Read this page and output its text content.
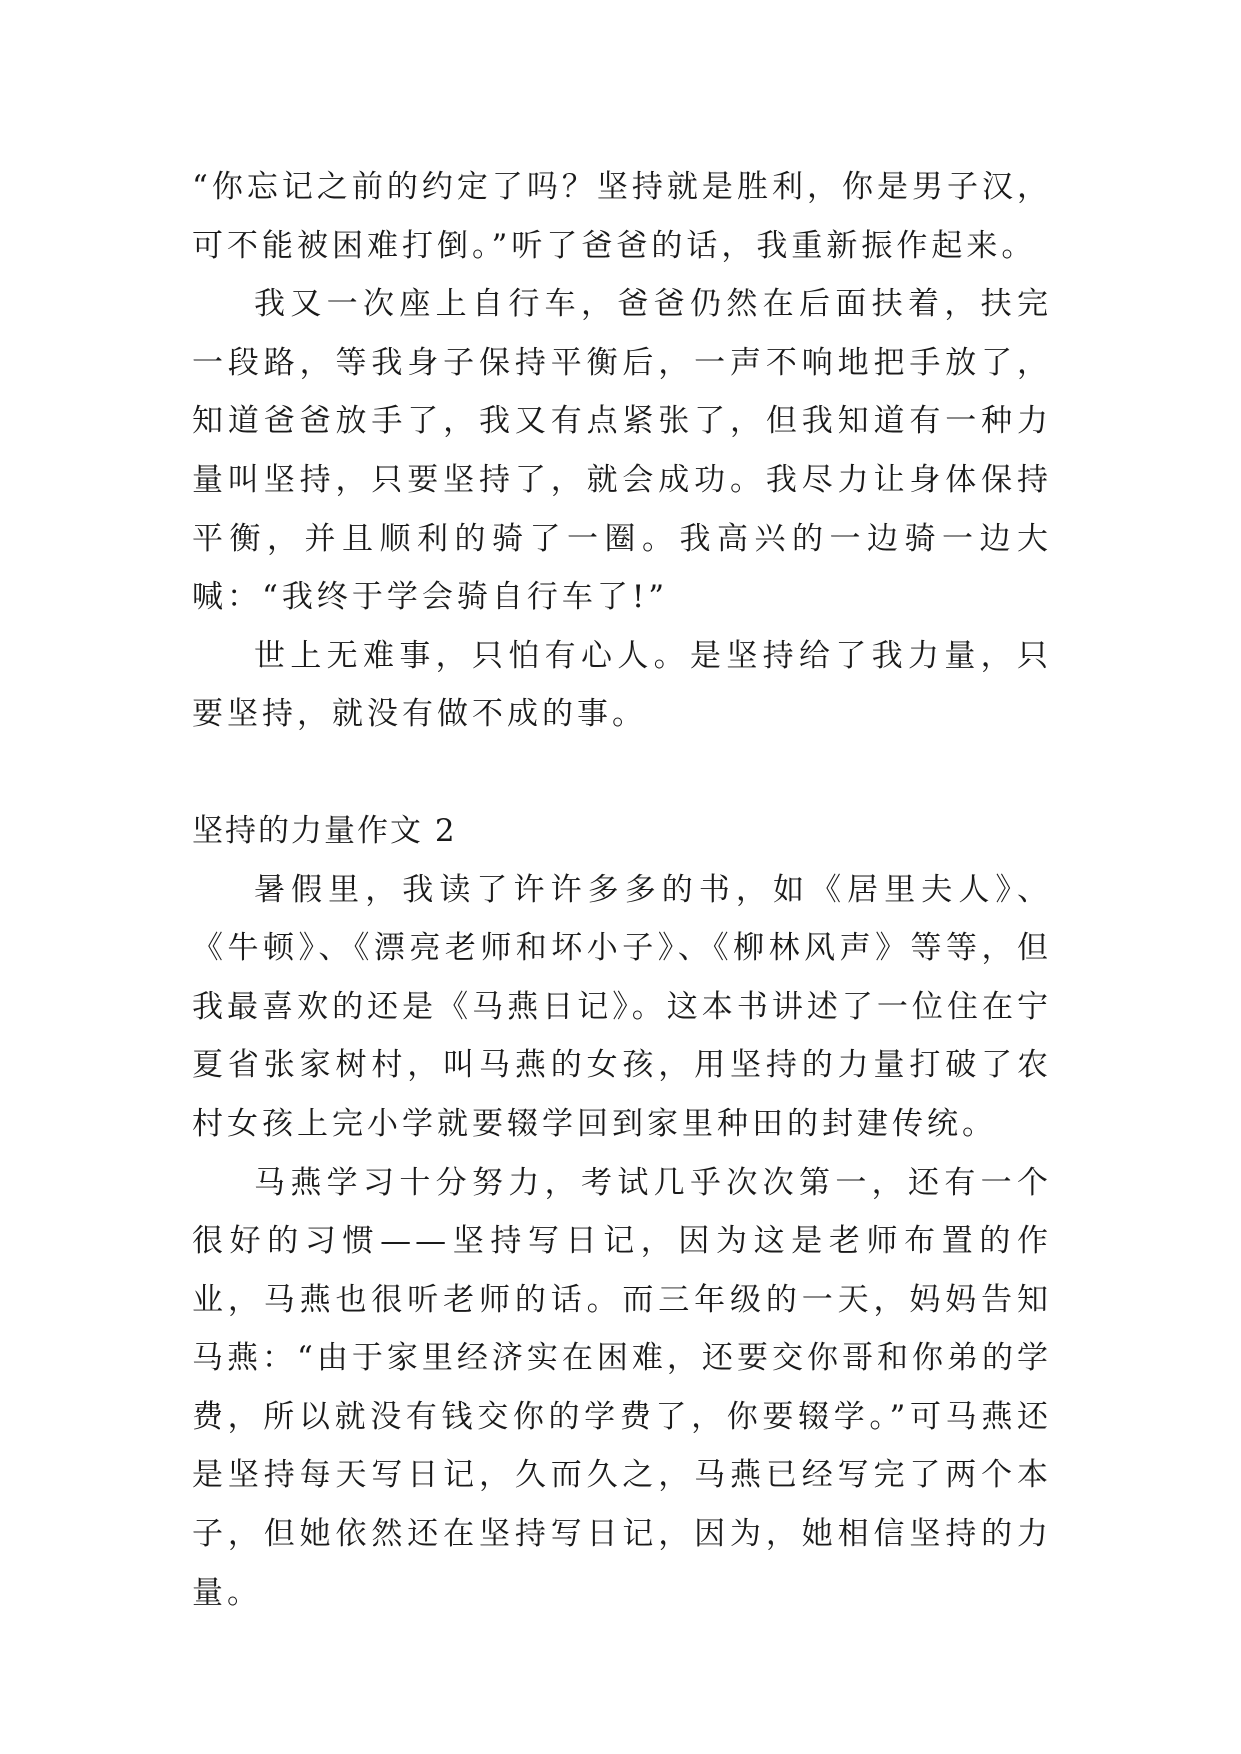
“你忘记之前的约定了吗？坚持就是胜利，你是男子汉，可不能被困难打倒。”听了爸爸的话，我重新振作起来。

我又一次座上自行车，爸爸仍然在后面扶着，扶完一段路，等我身子保持平衡后，一声不响地把手放了，知道爸爸放手了，我又有点紧张了，但我知道有一种力量叫坚持，只要坚持了，就会成功。我尽力让身体保持平衡，并且顺利的骑了一圈。我高兴的一边骑一边大喊：“我终于学会骑自行车了!”

世上无难事，只怕有心人。是坚持给了我力量，只要坚持，就没有做不成的事。

坚持的力量作文 2

暑假里，我读了许许多多的书，如《居里夫人》、《牛顿》、《漂亮老师和坏小子》、《柳林风声》等等，但我最喜欢的还是《马燕日记》。这本书讲述了一位住在宁夏省张家树村，叫马燕的女孩，用坚持的力量打破了农村女孩上完小学就要辍学回到家里种田的封建传统。

马燕学习十分努力，考试几乎次次第一，还有一个很好的习惯——坚持写日记，因为这是老师布置的作业，马燕也很听老师的话。而三年级的一天，妈妈告知马燕：“由于家里经济实在困难，还要交你哥和你弟的学费，所以就没有钱交你的学费了，你要辍学。”可马燕还是坚持每天写日记，久而久之，马燕已经写完了两个本子，但她依然还在坚持写日记，因为，她相信坚持的力量。
